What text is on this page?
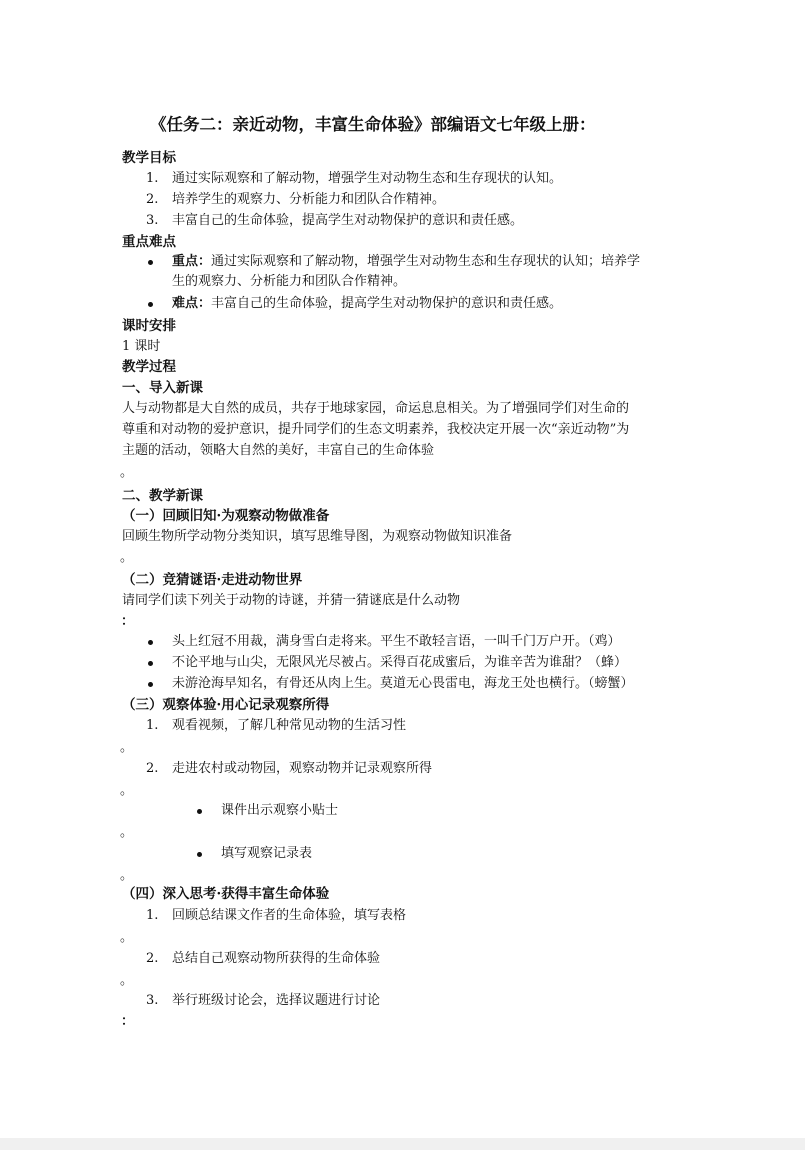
《任务二：亲近动物，丰富生命体验》部编语文七年级上册：
教学目标
1. 通过实际观察和了解动物，增强学生对动物生态和生存现状的认知。
2. 培养学生的观察力、分析能力和团队合作精神。
3. 丰富自己的生命体验，提高学生对动物保护的意识和责任感。
重点难点
重点：通过实际观察和了解动物，增强学生对动物生态和生存现状的认知；培养学
生的观察力、分析能力和团队合作精神。
难点：丰富自己的生命体验，提高学生对动物保护的意识和责任感。
课时安排
1 课时
教学过程
一、导入新课
人与动物都是大自然的成员，共存于地球家园，命运息息相关。为了增强同学们对生命的
尊重和对动物的爱护意识，提升同学们的生态文明素养，我校决定开展一次“亲近动物”为
主题的活动，领略大自然的美好，丰富自己的生命体验
。
二、教学新课
（一）回顾旧知·为观察动物做准备
回顾生物所学动物分类知识，填写思维导图，为观察动物做知识准备
。
（二）竞猜谜语·走进动物世界
请同学们读下列关于动物的诗谜，并猜一猜谜底是什么动物
：
头上红冠不用裁，满身雪白走将来。平生不敢轻言语，一叫千门万户开。（鸡）
不论平地与山尖，无限风光尽被占。采得百花成蜜后，为谁辛苦为谁甜？（蜂）
未游沧海早知名，有骨还从肉上生。莫道无心畏雷电，海龙王处也横行。（螃蟹）
（三）观察体验·用心记录观察所得
1. 观看视频，了解几种常见动物的生活习性
。
2. 走进农村或动物园，观察动物并记录观察所得
。
课件出示观察小贴士
。
填写观察记录表
。
（四）深入思考·获得丰富生命体验
1. 回顾总结课文作者的生命体验，填写表格
。
2. 总结自己观察动物所获得的生命体验
。
3. 举行班级讨论会，选择议题进行讨论
：
